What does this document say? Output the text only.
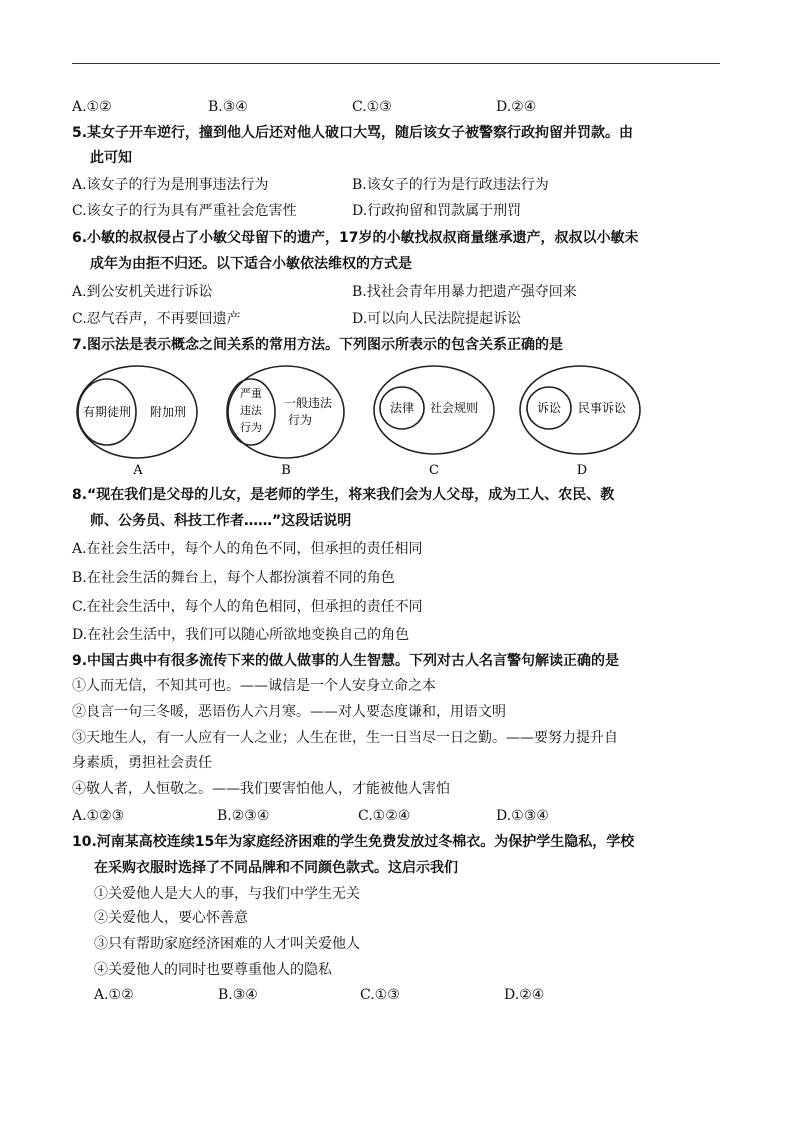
A.①②	B.③④	C.①③	D.②④
5.某女子开车逆行，撞到他人后还对他人破口大骂，随后该女子被警察行政拘留并罚款。由
此可知
A.该女子的行为是刑事违法行为	B.该女子的行为是行政违法行为
C.该女子的行为具有严重社会危害性	D.行政拘留和罚款属于刑罚
6.小敏的叔叔侵占了小敏父母留下的遗产，17岁的小敏找叔叔商量继承遗产，叔叔以小敏未
成年为由拒不归还。以下适合小敏依法维权的方式是
A.到公安机关进行诉讼	B.找社会青年用暴力把遗产强夺回来
C.忍气吞声，不再要回遗产	D.可以向人民法院提起诉讼
7.图示法是表示概念之间关系的常用方法。下列图示所表示的包含关系正确的是
有期徒刑 附加刑
A
严重
违法
行为
一般违法
行为
B
法律 社会规则
C
诉讼 民事诉讼
D
8.“现在我们是父母的儿女，是老师的学生，将来我们会为人父母，成为工人、农民、教
师、公务员、科技工作者……”这段话说明
A.在社会生活中，每个人的角色不同，但承担的责任相同
B.在社会生活的舞台上，每个人都扮演着不同的角色
C.在社会生活中，每个人的角色相同，但承担的责任不同
D.在社会生活中，我们可以随心所欲地变换自己的角色
9.中国古典中有很多流传下来的做人做事的人生智慧。下列对古人名言警句解读正确的是
①人而无信，不知其可也。——诚信是一个人安身立命之本
②良言一句三冬暖，恶语伤人六月寒。——对人要态度谦和，用语文明
③天地生人，有一人应有一人之业；人生在世，生一日当尽一日之勤。——要努力提升自
身素质，勇担社会责任
④敬人者，人恒敬之。——我们要害怕他人，才能被他人害怕
A.①②③	B.②③④	C.①②④	D.①③④
10.河南某高校连续15年为家庭经济困难的学生免费发放过冬棉衣。为保护学生隐私，学校
在采购衣服时选择了不同品牌和不同颜色款式。这启示我们
①关爱他人是大人的事，与我们中学生无关
②关爱他人，要心怀善意
③只有帮助家庭经济困难的人才叫关爱他人
④关爱他人的同时也要尊重他人的隐私
A.①②	B.③④	C.①③	D.②④
